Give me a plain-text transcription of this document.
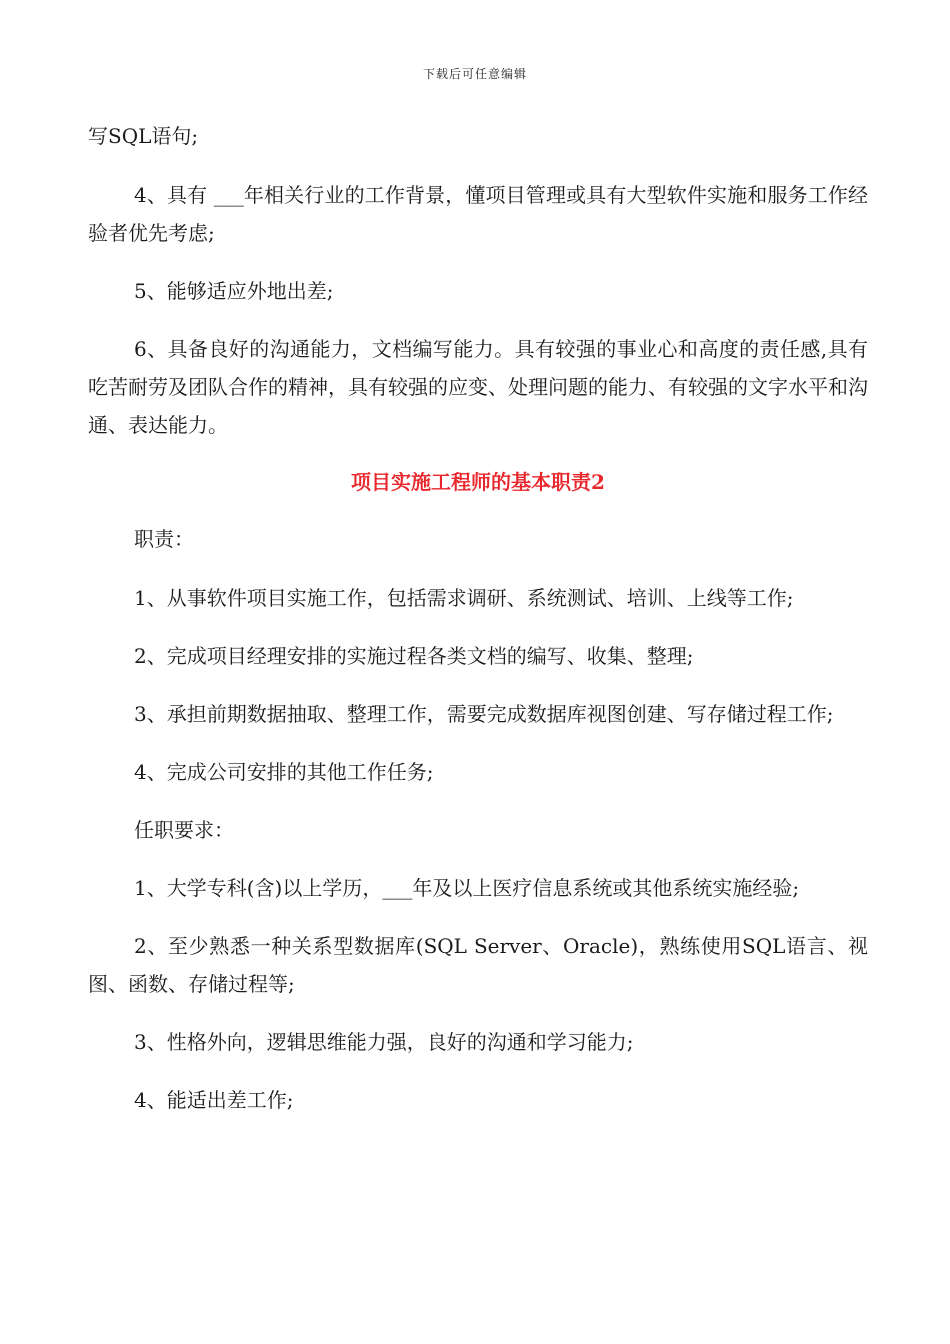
下载后可任意编辑

写SQL语句;

4、具有 ___年相关行业的工作背景，懂项目管理或具有大型软件实施和服务工作经验者优先考虑;

5、能够适应外地出差;

6、具备良好的沟通能力，文档编写能力。具有较强的事业心和高度的责任感,具有吃苦耐劳及团队合作的精神，具有较强的应变、处理问题的能力、有较强的文字水平和沟通、表达能力。

项目实施工程师的基本职责2

职责：

1、从事软件项目实施工作，包括需求调研、系统测试、培训、上线等工作;

2、完成项目经理安排的实施过程各类文档的编写、收集、整理;

3、承担前期数据抽取、整理工作，需要完成数据库视图创建、写存储过程工作;

4、完成公司安排的其他工作任务;

任职要求：

1、大学专科(含)以上学历，___年及以上医疗信息系统或其他系统实施经验;

2、至少熟悉一种关系型数据库(SQL Server、Oracle)，熟练使用SQL语言、视图、函数、存储过程等;

3、性格外向，逻辑思维能力强，良好的沟通和学习能力;

4、能适出差工作;
